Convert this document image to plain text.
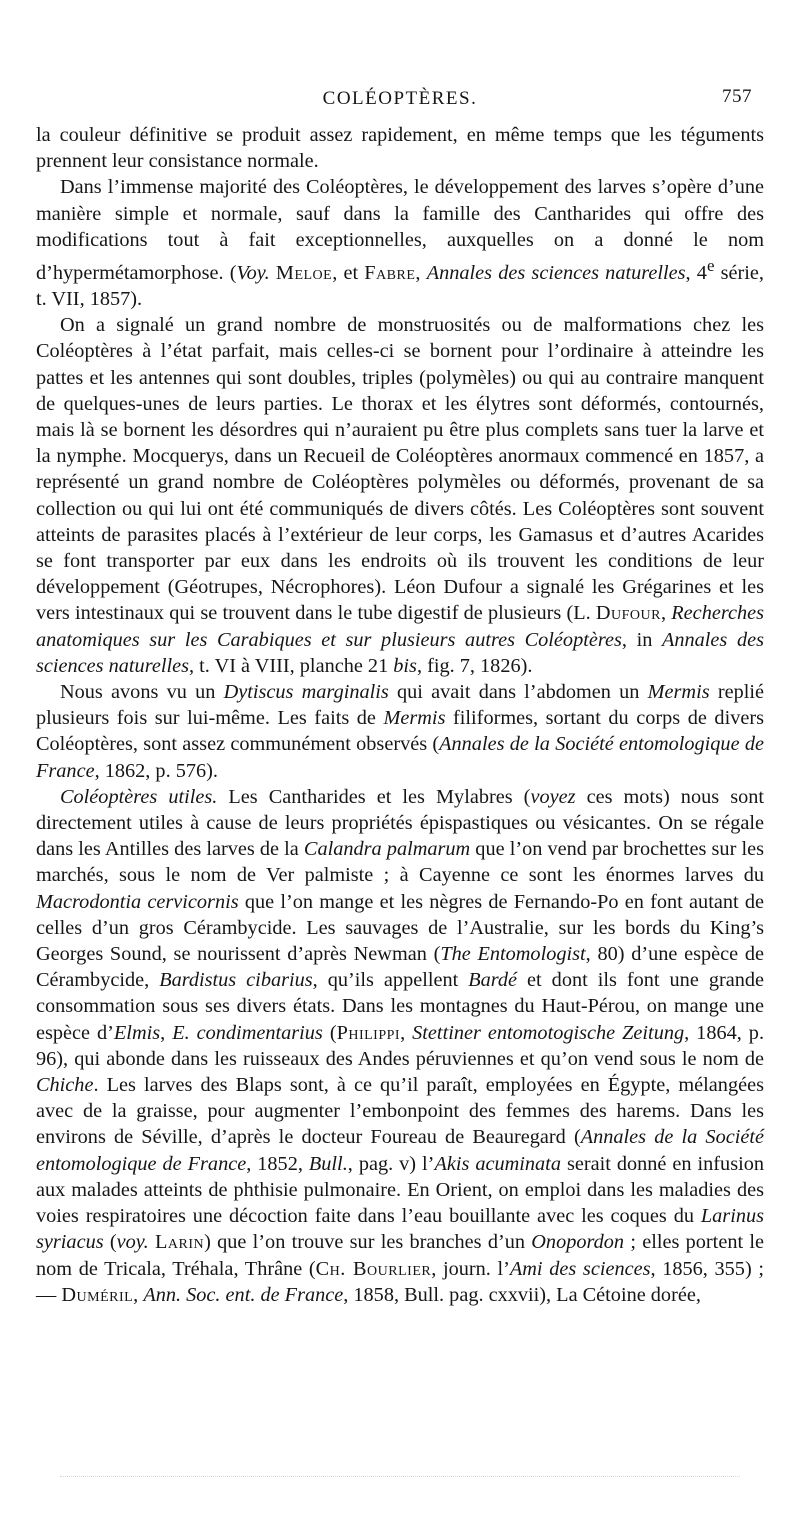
COLÉOPTÈRES.	757

la couleur définitive se produit assez rapidement, en même temps que les téguments prennent leur consistance normale.

Dans l’immense majorité des Coléoptères, le développement des larves s’opère d’une manière simple et normale, sauf dans la famille des Cantharides qui offre des modifications tout à fait exceptionnelles, auxquelles on a donné le nom d’hypermétamorphose. (Voy. Meloe, et Fabre, Annales des sciences naturelles, 4e série, t. VII, 1857).

On a signalé un grand nombre de monstruosités ou de malformations chez les Coléoptères à l’état parfait, mais celles-ci se bornent pour l’ordinaire à atteindre les pattes et les antennes qui sont doubles, triples (polymèles) ou qui au contraire manquent de quelques-unes de leurs parties. Le thorax et les élytres sont déformés, contournés, mais là se bornent les désordres qui n’auraient pu être plus complets sans tuer la larve et la nymphe. Mocquerys, dans un Recueil de Coléoptères anormaux commencé en 1857, a représenté un grand nombre de Coléoptères polymèles ou déformés, provenant de sa collection ou qui lui ont été communiqués de divers côtés. Les Coléoptères sont souvent atteints de parasites placés à l’extérieur de leur corps, les Gamasus et d’autres Acarides se font transporter par eux dans les endroits où ils trouvent les conditions de leur développement (Géotrupes, Nécrophores). Léon Dufour a signalé les Grégarines et les vers intestinaux qui se trouvent dans le tube digestif de plusieurs (L. Dufour, Recherches anatomiques sur les Carabiques et sur plusieurs autres Coléoptères, in Annales des sciences naturelles, t. VI à VIII, planche 21 bis, fig. 7, 1826).

Nous avons vu un Dytiscus marginalis qui avait dans l’abdomen un Mermis replié plusieurs fois sur lui-même. Les faits de Mermis filiformes, sortant du corps de divers Coléoptères, sont assez communément observés (Annales de la Société entomologique de France, 1862, p. 576).

Coléoptères utiles. Les Cantharides et les Mylabres (voyez ces mots) nous sont directement utiles à cause de leurs propriétés épispastiques ou vésicantes. On se régale dans les Antilles des larves de la Calandra palmarum que l’on vend par brochettes sur les marchés, sous le nom de Ver palmiste ; à Cayenne ce sont les énormes larves du Macrodontia cervicornis que l’on mange et les nègres de Fernando-Po en font autant de celles d’un gros Cérambycide. Les sauvages de l’Australie, sur les bords du King’s Georges Sound, se nourissent d’après Newman (The Entomologist, 80) d’une espèce de Cérambycide, Bardistus cibarius, qu’ils appellent Bardé et dont ils font une grande consommation sous ses divers états. Dans les montagnes du Haut-Pérou, on mange une espèce d’Elmis, E. condimentarius (Philippi, Stettiner entomotogische Zeitung, 1864, p. 96), qui abonde dans les ruisseaux des Andes péruviennes et qu’on vend sous le nom de Chiche. Les larves des Blaps sont, à ce qu’il paraît, employées en Égypte, mélangées avec de la graisse, pour augmenter l’embonpoint des femmes des harems. Dans les environs de Séville, d’après le docteur Foureau de Beauregard (Annales de la Société entomologique de France, 1852, Bull., pag. v) l’Akis acuminata serait donné en infusion aux malades atteints de phthisie pulmonaire. En Orient, on emploi dans les maladies des voies respiratoires une décoction faite dans l’eau bouillante avec les coques du Larinus syriacus (voy. Larin) que l’on trouve sur les branches d’un Onopordon ; elles portent le nom de Tricala, Tréhala, Thrâne (Ch. Bourlier, journ. l’Ami des sciences, 1856, 355) ; — Duméril, Ann. Soc. ent. de France, 1858, Bull. pag. cxxvii), La Cétoine dorée,
